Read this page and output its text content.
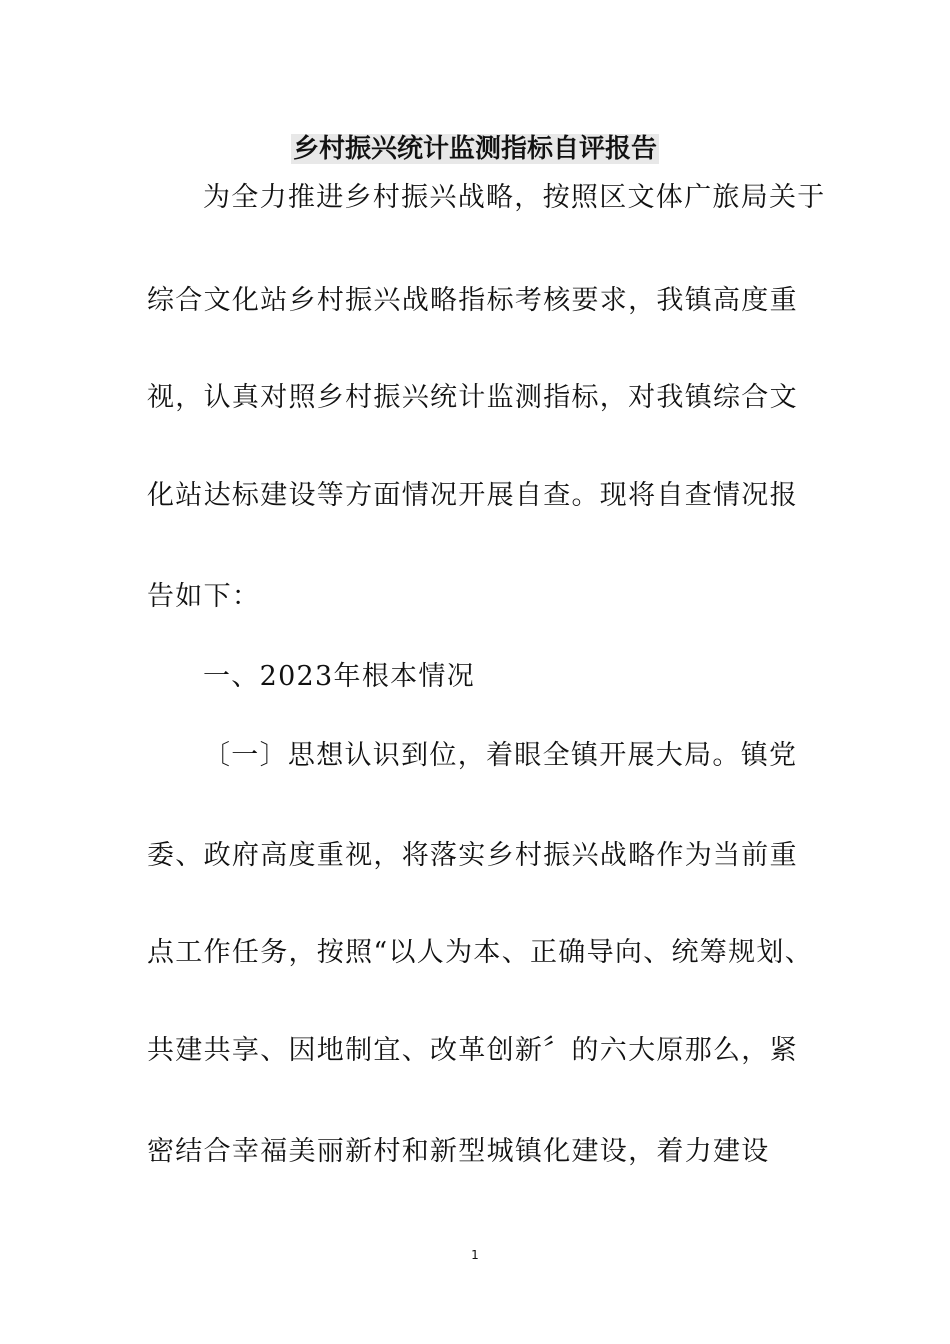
乡村振兴统计监测指标自评报告

为全力推进乡村振兴战略，按照区文体广旅局关于

综合文化站乡村振兴战略指标考核要求，我镇高度重

视，认真对照乡村振兴统计监测指标，对我镇综合文

化站达标建设等方面情况开展自查。现将自查情况报

告如下：

一、2023年根本情况

〔一〕思想认识到位，着眼全镇开展大局。镇党

委、政府高度重视，将落实乡村振兴战略作为当前重

点工作任务，按照“以人为本、正确导向、统筹规划、

共建共享、因地制宜、改革创新〞的六大原那么，紧

密结合幸福美丽新村和新型城镇化建设，着力建设

1
